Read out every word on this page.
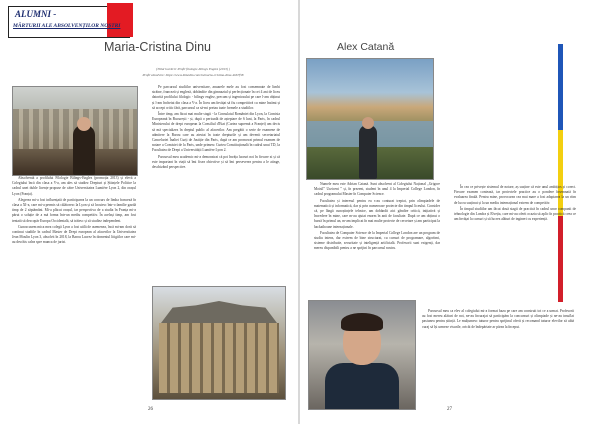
ALUMNI -
MĂRTURII ALE ABSOLVENȚILOR NOȘTRI
Maria-Cristina Dinu
(Titlul lucrării: Profil filologic-bilingv Englez (2013) )
Profil absolvire: https://www.linkedin.com/in/maria-cristina-dinu-4b67f58

Absolventă a profilului Filologie Bilingv-Englez (promoția 2013) și elevă a Colegiului încă din clasa a V-a, am ales să studiez Drepturi și Științele Politice la cadrul unei duble licențe propuse de către Universitatea Lumière Lyon 2, din orașul Lyon (Franța).

Alegerea mi-a fost influențată de participarea la un concurs de limba franceză în clasa a XI-a, care mi-a permis să călătoresc la Lyon și să locuiesc într-o familie gazdă timp de 2 săptămâni. Mi-a plăcut orașul, iar perspectiva de a studia în Franța mi-a părut o soluție de a mă forma într-un mediu competitiv. În același timp, am fost tentată să descopăr Europa Occidentală, să trăiesc și să studiez independent.

Cunoscusem mica mea colegă Lyon a fost utilă de asemenea, încă mi-am dorit să continui studiile în cadrul Master de Drept european al afacerilor la Universitatea Jean Moulin Lyon 3, absolvit în 2018, la Barou Lucrez în domeniul litigiilor care mi-au deschis calea spre munca de jurist.

Pe parcursul studiilor universitare, anuarele mele au fost consemnate de limbi străine, franceză și engleză, dobândite din gimnaziul și perfecționate în cei 4 ani de liceu datorită profilului filologic - bilingv englez, precum și ingeniosului pe care l-am obținut și l-am încheiat din clasa a V-a. În liceu am învățat să fiu competitivă cu mine însămi și să accept critic fără, parcursul ca să-mi preiau toate formele a studiilor.

Între timp, am făcut mai multe stagii - la Consulatul României din Lyon, la Comisia Europeană în București - și, după o perioadă de așteptare de 6 luni, la Paris, în cadrul Ministerului de drept european la Consiliul d'Etat (Curtea supremă a Franței) am decis să mă specializez în dreptul public al afacerilor. Am pregătit o serie de examene de admitere la Barou care au atestat în toate drepturile și am devenit secretariatul Cancelariei Înaltei Curți de Justiție din Paris, după ce am promovat primul examen de notare a Comisiei de la Paris, unde primesc Curtea Constituțională în cadrul unui TD, la Facultatea de Drept a Universității Lumière Lyon 2.

Parcursul meu academic mi-a demonstrat că pot învăța lucruri noi în fiecare zi și că este important în viață să îmi fixez obiective și să îmi perseverez pentru a le atinge, deschizând perspective.

26
Alex Catană

Numele meu este Adrian Catană. Sunt absolvent al Colegiului Național „Grigore Moisil” Urziceni ” și, în prezent, student în anul 4 la Imperial College London, în cadrul programului Master în Computer Science.

Facultatea și interesul pentru ea s-au conturat treptat, prin olimpiadele de matematică și informatică, dar și prin numeroase proiecte din timpul liceului. Consider că, pe lângă cunoștințele tehnice, am dobândit aici gândire critică, inițiativă și încredere în mine, care m-au ajutat enorm în anii de facultate. După ce am obținut o bursă în primul an, m-am implicat în mai multe proiecte de cercetare și am participat la hackathoane internaționale.

Facultatea de Computer Science de la Imperial College London are un program de studiu intens, dar extrem de bine structurat, cu cursuri de programare, algoritmi, sisteme distribuite, securitate și inteligență artificială. Profesorii sunt exigenți, dar mereu disponibili pentru a ne sprijini în parcursul nostru.

În cea ce privește sistemul de notare, aș susține că este unul ambițios și corect. Fiecare examen contează, iar proiectele practice au o pondere însemnată în evaluarea finală. Pentru mine, provocarea cea mai mare a fost adaptarea la un ritm de lucru susținut și la un mediu internațional extrem de competitiv.

În timpul studiilor am făcut două stagii de practică în cadrul unor companii de tehnologie din Londra și Elveția, care mi-au oferit ocazia să aplic în practică ceea ce am învățat la cursuri și să lucrez alături de ingineri cu experiență.

Parcursul meu ca elev al colegiului mi-a format baza pe care am construit tot ce a urmat. Profesorii au fost mereu alături de noi, ne-au încurajat să participăm la concursuri și olimpiade și ne-au insuflat pasiunea pentru știință. Le mulțumesc tuturor pentru sprijinul oferit și recomand tuturor elevilor să aibă curaj să își urmeze visurile, oricât de îndepărtate ar părea la început.

27
